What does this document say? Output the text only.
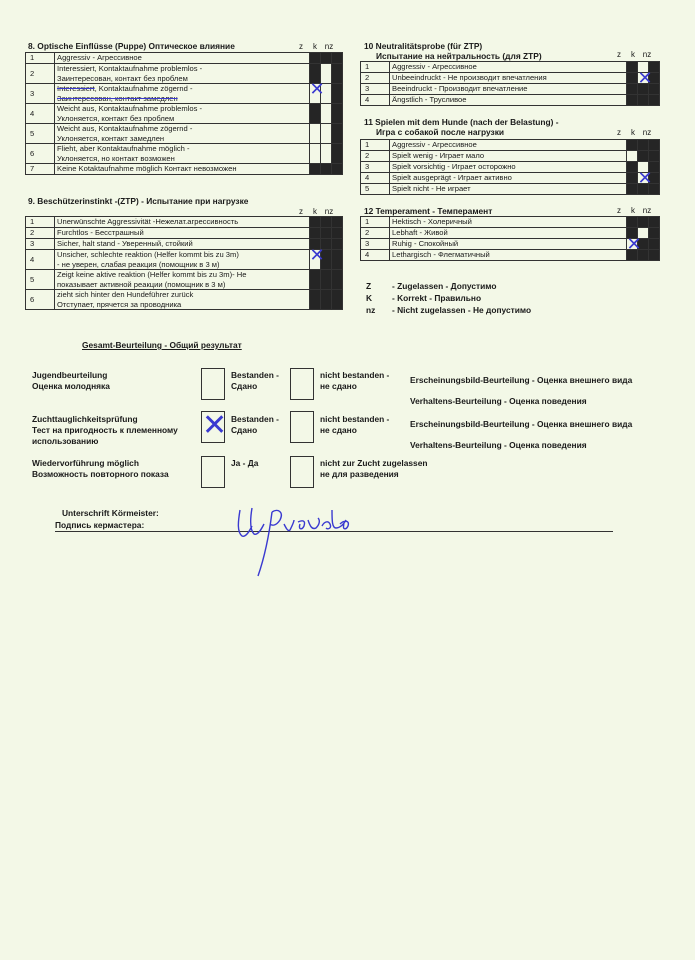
8. Optische Einflüsse (Puppe) Оптическое влияние	z	k nz
1	Aggressiv - Агрессивное			

2	Interessiert, Kontaktaufnahme problemlos -
Заинтересован, контакт без проблем			

3	Interessiert, Kontaktaufnahme zögernd -
Заинтересован, контакт замедлен	✕		

4	Weicht aus, Kontaktaufnahme problemlos -
Уклоняется, контакт без проблем			

5	Weicht aus, Kontaktaufnahme zögernd -
Уклоняется, контакт замедлен			

6	Flieht, aber Kontaktaufnahme möglich -
Уклоняется, но контакт возможен			

7	Keine Kotaktaufnahme möglich Контакт невозможен			

9. Beschützerinstinkt -(ZTP) - Испытание при нагрузке
z	k nz
1	Unerwünschte Aggressivität -Нежелат.агрессивность			

2	Furchtlos - Бесстрашный			

3	Sicher, halt stand - Уверенный, стойкий			

4	Unsicher, schlechte reaktion (Helfer kommt bis zu 3m)
- не уверен, слабая реакция (помощник в 3 м)	✕		

5	Zeigt keine aktive reaktion (Helfer kommt bis zu 3m)- Не
показывает активной реакции (помощник в 3 м)			

6	zieht sich hinter den Hundeführer zurück
Отступает, прячется за проводника			

10 Neutralitätsprobe (für ZTP)
Испытание на нейтральность (для ZTP)	z	k nz
1	Aggressiv - Агрессивное			

2	Unbeeindruckt - Не производит впечатления		✕	

3	Beeindruckt - Производит впечатление			

4	Ängstlich - Трусливое			

11 Spielen mit dem Hunde (nach der Belastung) -
Игра с собакой после нагрузки	z	k nz
1	Aggressiv - Агрессивное			

2	Spielt wenig - Играет мало			

3	Spielt vorsichtig - Играет осторожно			

4	Spielt ausgeprägt - Играет активно		✕	

5	Spielt nicht - Не играет			

12 Temperament - Темперамент	z	k nz
1	Hektisch - Холеричный			

2	Lebhaft - Живой			

3	Ruhig - Спокойный	✕		

4	Lethargisch - Флегматичный			

Z - Zugelassen - Допустимо
K - Korrekt - Правильно
nz - Nicht zugelassen - Не допустимо
Gesamt-Beurteilung - Общий результат
Jugendbeurteilung
Оценка молодняка
Bestanden -
Сдано
nicht bestanden -
не сдано
Erscheinungsbild-Beurteilung - Оценка внешнего вида
Verhaltens-Beurteilung - Оценка поведения
Zuchttauglichkeitsprüfung
Тест на пригодность к племенному
использованию	✕ Bestanden -
Сдано
nicht bestanden -
не сдано
Erscheinungsbild-Beurteilung - Оценка внешнего вида
Verhaltens-Beurteilung - Оценка поведения
Wiedervorführung möglich
Возможность повторного показа
Ja - Да	nicht zur Zucht zugelassen
не для разведения
Unterschrift Körmeister:
Подпись кермастера:
